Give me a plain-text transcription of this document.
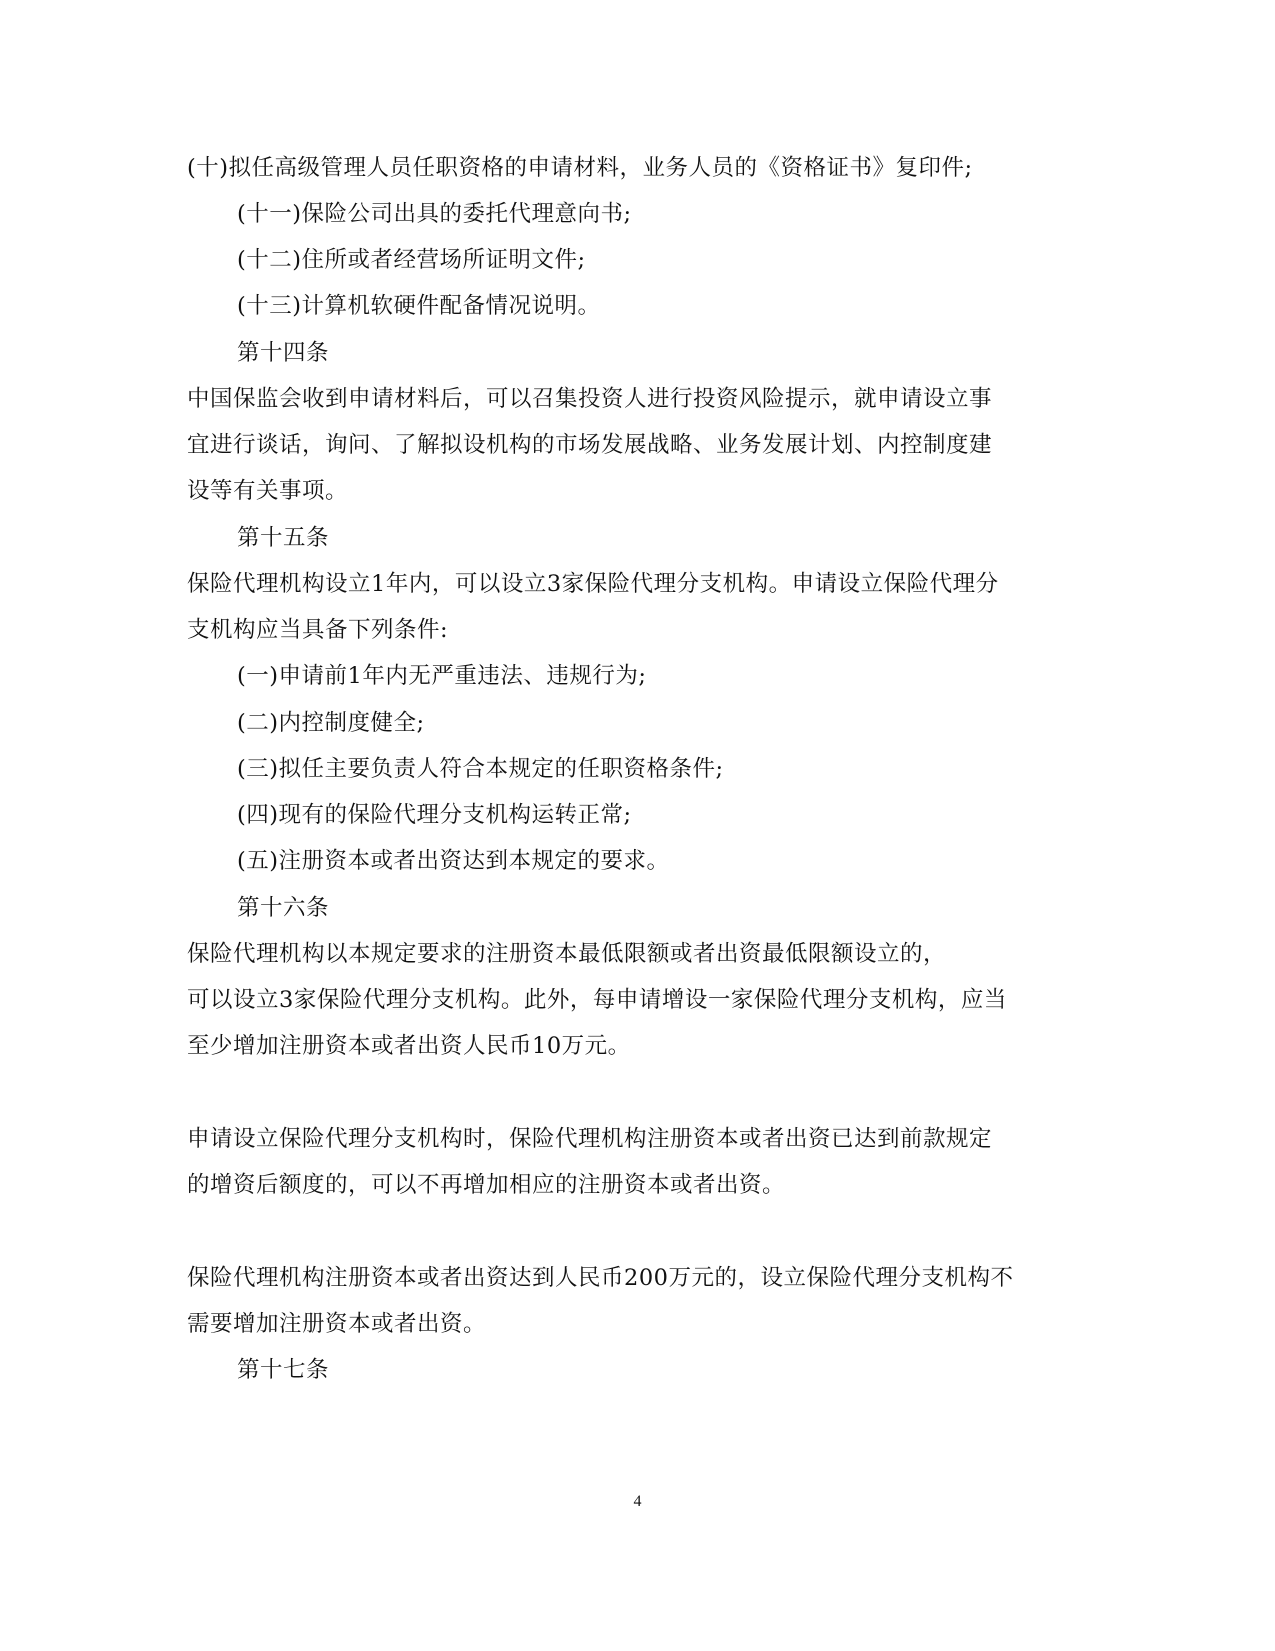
(十)拟任高级管理人员任职资格的申请材料，业务人员的《资格证书》复印件;
(十一)保险公司出具的委托代理意向书;
(十二)住所或者经营场所证明文件;
(十三)计算机软硬件配备情况说明。
第十四条
中国保监会收到申请材料后，可以召集投资人进行投资风险提示，就申请设立事
宜进行谈话，询问、了解拟设机构的市场发展战略、业务发展计划、内控制度建
设等有关事项。
第十五条
保险代理机构设立1年内，可以设立3家保险代理分支机构。申请设立保险代理分
支机构应当具备下列条件:
(一)申请前1年内无严重违法、违规行为;
(二)内控制度健全;
(三)拟任主要负责人符合本规定的任职资格条件;
(四)现有的保险代理分支机构运转正常;
(五)注册资本或者出资达到本规定的要求。
第十六条
保险代理机构以本规定要求的注册资本最低限额或者出资最低限额设立的，
可以设立3家保险代理分支机构。此外，每申请增设一家保险代理分支机构，应当
至少增加注册资本或者出资人民币10万元。
申请设立保险代理分支机构时，保险代理机构注册资本或者出资已达到前款规定
的增资后额度的，可以不再增加相应的注册资本或者出资。
保险代理机构注册资本或者出资达到人民币200万元的，设立保险代理分支机构不
需要增加注册资本或者出资。
第十七条
4
